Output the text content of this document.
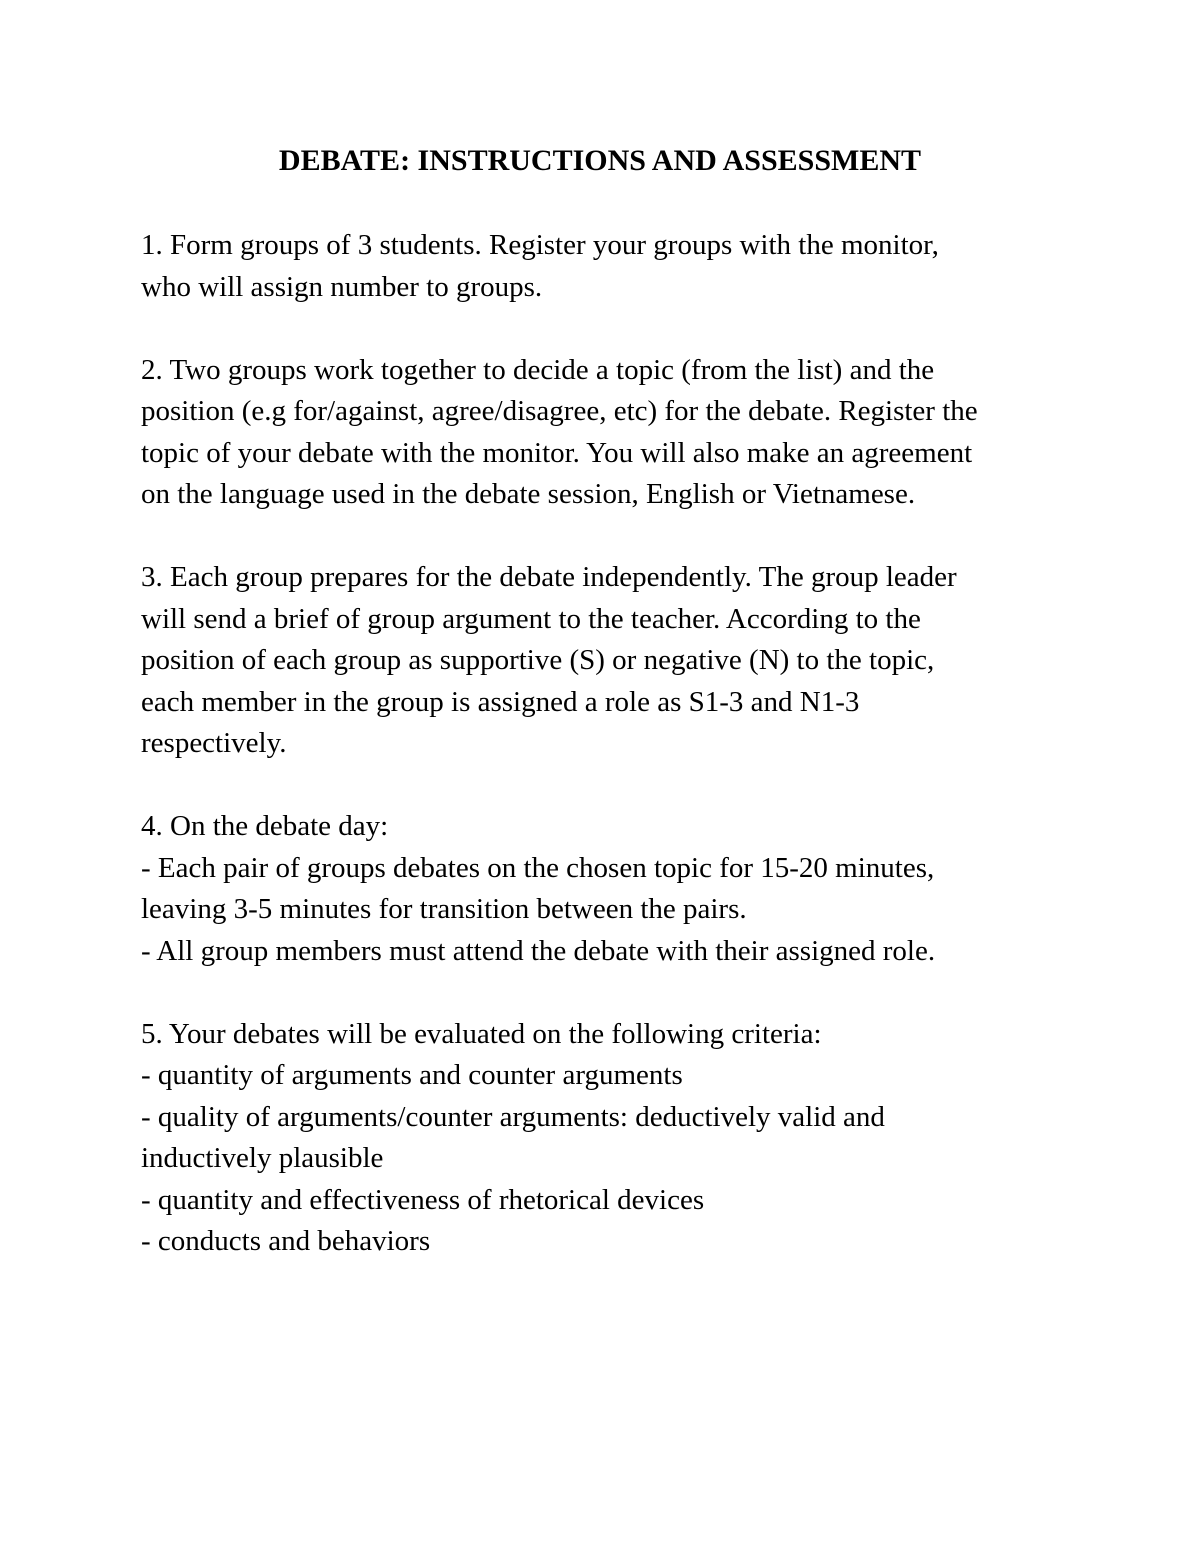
DEBATE: INSTRUCTIONS AND ASSESSMENT
1. Form groups of 3 students. Register your groups with the monitor,
who will assign number to groups.
2. Two groups work together to decide a topic (from the list) and the
position (e.g for/against, agree/disagree, etc) for the debate. Register the
topic of your debate with the monitor. You will also make an agreement
on the language used in the debate session, English or Vietnamese.
3. Each group prepares for the debate independently. The group leader
will send a brief of group argument to the teacher. According to the
position of each group as supportive (S) or negative (N) to the topic,
each member in the group is assigned a role as S1-3 and N1-3
respectively.
4. On the debate day:
- Each pair of groups debates on the chosen topic for 15-20 minutes,
leaving 3-5 minutes for transition between the pairs.
- All group members must attend the debate with their assigned role.
5. Your debates will be evaluated on the following criteria:
- quantity of arguments and counter arguments
- quality of arguments/counter arguments: deductively valid and
inductively plausible
- quantity and effectiveness of rhetorical devices
- conducts and behaviors
